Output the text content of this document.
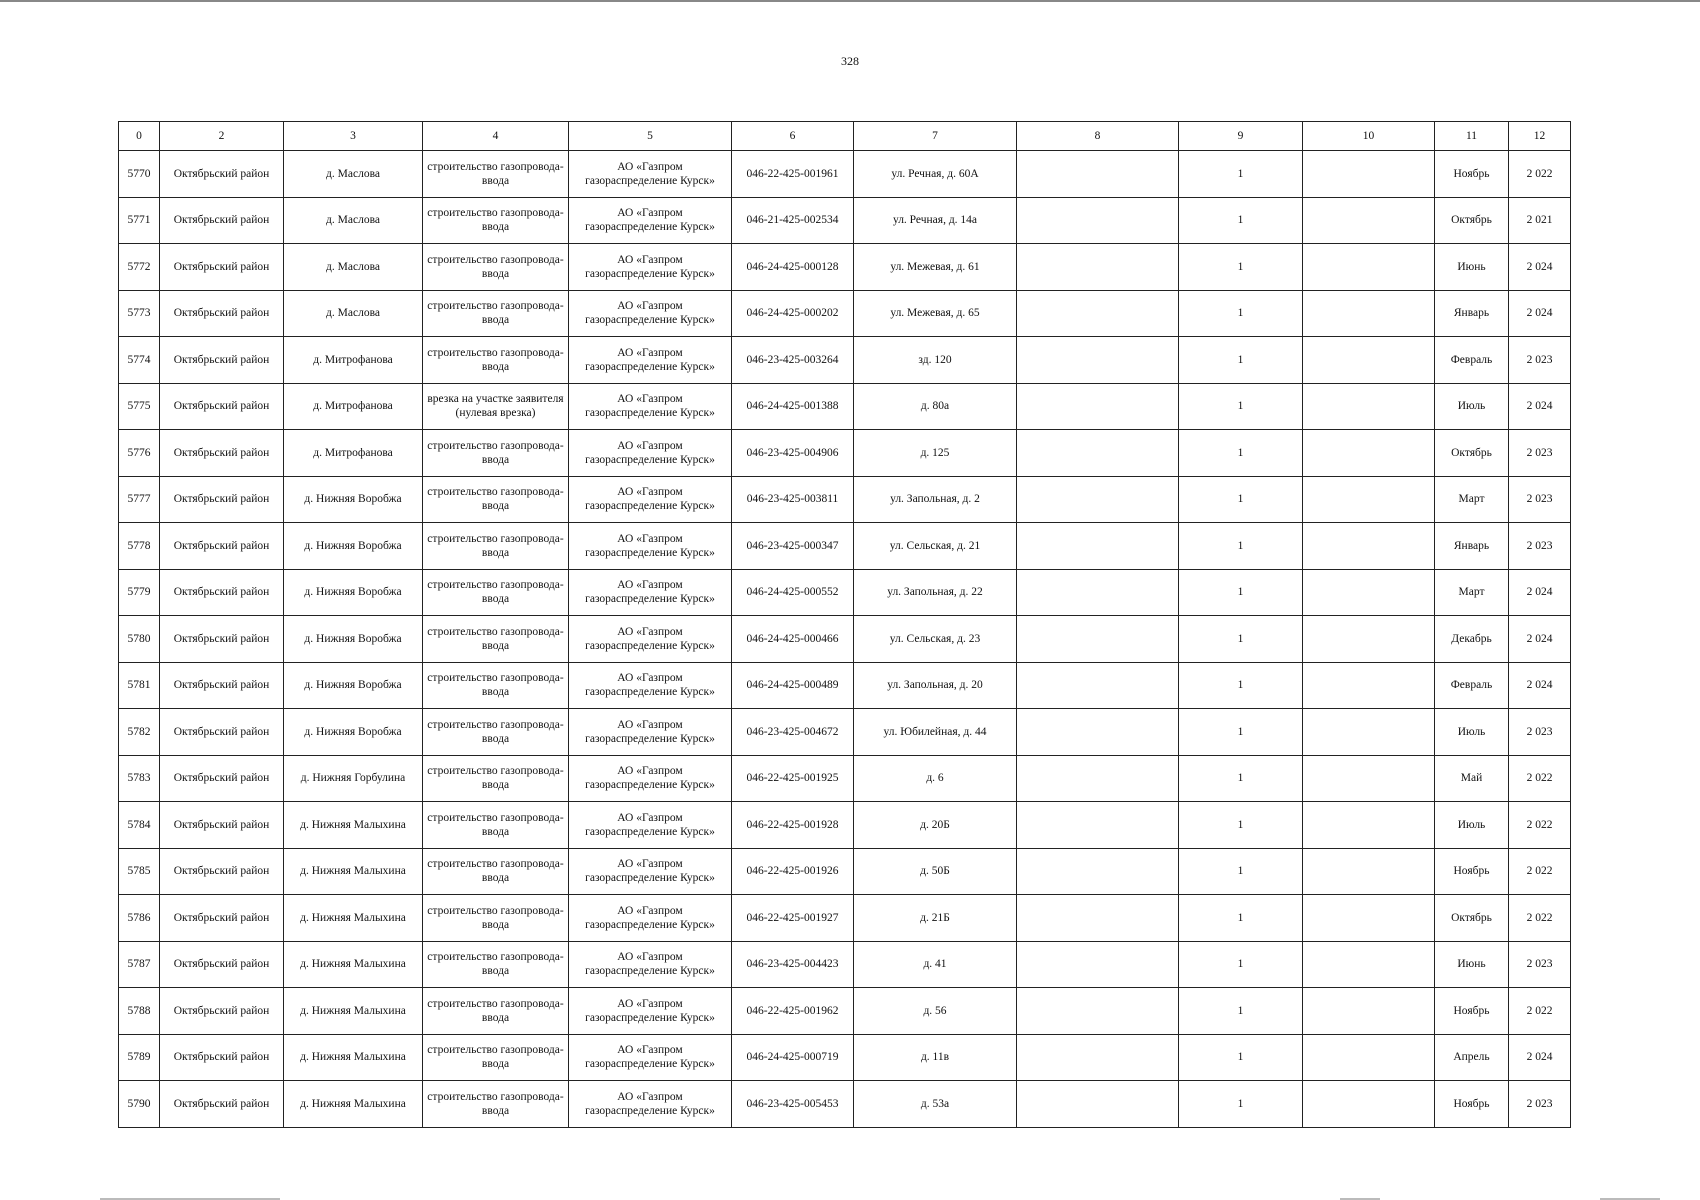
328
0	2	3	4	5	6	7	8	9	10	11	12
5770	Октябрьский район	д. Маслова	строительство газопровода-ввода	АО «Газпром газораспределение Курск»	046-22-425-001961	ул. Речная, д. 60А		1		Ноябрь	2 022
5771	Октябрьский район	д. Маслова	строительство газопровода-ввода	АО «Газпром газораспределение Курск»	046-21-425-002534	ул. Речная, д. 14а		1		Октябрь	2 021
5772	Октябрьский район	д. Маслова	строительство газопровода-ввода	АО «Газпром газораспределение Курск»	046-24-425-000128	ул. Межевая, д. 61		1		Июнь	2 024
5773	Октябрьский район	д. Маслова	строительство газопровода-ввода	АО «Газпром газораспределение Курск»	046-24-425-000202	ул. Межевая, д. 65		1		Январь	2 024
5774	Октябрьский район	д. Митрофанова	строительство газопровода-ввода	АО «Газпром газораспределение Курск»	046-23-425-003264	зд. 120		1		Февраль	2 023
5775	Октябрьский район	д. Митрофанова	врезка на участке заявителя (нулевая врезка)	АО «Газпром газораспределение Курск»	046-24-425-001388	д. 80а		1		Июль	2 024
5776	Октябрьский район	д. Митрофанова	строительство газопровода-ввода	АО «Газпром газораспределение Курск»	046-23-425-004906	д. 125		1		Октябрь	2 023
5777	Октябрьский район	д. Нижняя Воробжа	строительство газопровода-ввода	АО «Газпром газораспределение Курск»	046-23-425-003811	ул. Запольная, д. 2		1		Март	2 023
5778	Октябрьский район	д. Нижняя Воробжа	строительство газопровода-ввода	АО «Газпром газораспределение Курск»	046-23-425-000347	ул. Сельская, д. 21		1		Январь	2 023
5779	Октябрьский район	д. Нижняя Воробжа	строительство газопровода-ввода	АО «Газпром газораспределение Курск»	046-24-425-000552	ул. Запольная, д. 22		1		Март	2 024
5780	Октябрьский район	д. Нижняя Воробжа	строительство газопровода-ввода	АО «Газпром газораспределение Курск»	046-24-425-000466	ул. Сельская, д. 23		1		Декабрь	2 024
5781	Октябрьский район	д. Нижняя Воробжа	строительство газопровода-ввода	АО «Газпром газораспределение Курск»	046-24-425-000489	ул. Запольная, д. 20		1		Февраль	2 024
5782	Октябрьский район	д. Нижняя Воробжа	строительство газопровода-ввода	АО «Газпром газораспределение Курск»	046-23-425-004672	ул. Юбилейная, д. 44		1		Июль	2 023
5783	Октябрьский район	д. Нижняя Горбулина	строительство газопровода-ввода	АО «Газпром газораспределение Курск»	046-22-425-001925	д. 6		1		Май	2 022
5784	Октябрьский район	д. Нижняя Малыхина	строительство газопровода-ввода	АО «Газпром газораспределение Курск»	046-22-425-001928	д. 20Б		1		Июль	2 022
5785	Октябрьский район	д. Нижняя Малыхина	строительство газопровода-ввода	АО «Газпром газораспределение Курск»	046-22-425-001926	д. 50Б		1		Ноябрь	2 022
5786	Октябрьский район	д. Нижняя Малыхина	строительство газопровода-ввода	АО «Газпром газораспределение Курск»	046-22-425-001927	д. 21Б		1		Октябрь	2 022
5787	Октябрьский район	д. Нижняя Малыхина	строительство газопровода-ввода	АО «Газпром газораспределение Курск»	046-23-425-004423	д. 41		1		Июнь	2 023
5788	Октябрьский район	д. Нижняя Малыхина	строительство газопровода-ввода	АО «Газпром газораспределение Курск»	046-22-425-001962	д. 56		1		Ноябрь	2 022
5789	Октябрьский район	д. Нижняя Малыхина	строительство газопровода-ввода	АО «Газпром газораспределение Курск»	046-24-425-000719	д. 11в		1		Апрель	2 024
5790	Октябрьский район	д. Нижняя Малыхина	строительство газопровода-ввода	АО «Газпром газораспределение Курск»	046-23-425-005453	д. 53а		1		Ноябрь	2 023
